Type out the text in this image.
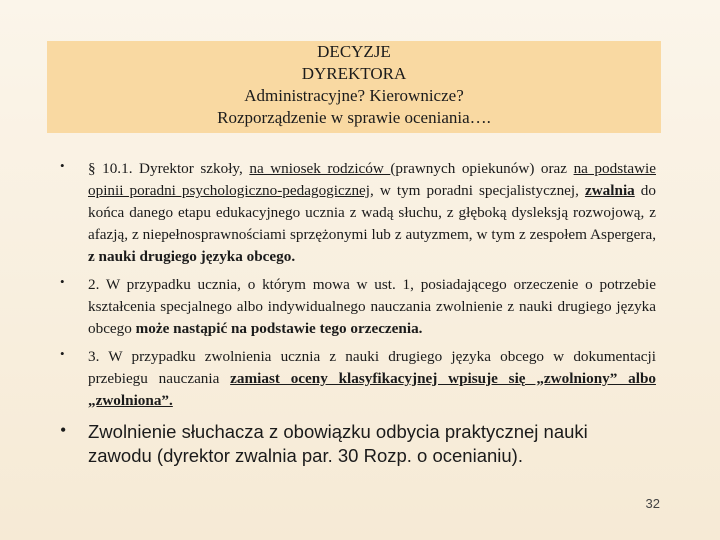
DECYZJE
DYREKTORA
Administracyjne? Kierownicze?
Rozporządzenie w sprawie oceniania….
• § 10.1. Dyrektor szkoły, na wniosek rodziców (prawnych opiekunów) oraz na podstawie opinii poradni psychologiczno-pedagogicznej, w tym poradni specjalistycznej, zwalnia do końca danego etapu edukacyjnego ucznia z wadą słuchu, z głęboką dysleksją rozwojową, z afazją, z niepełnosprawnościami sprzężonymi lub z autyzmem, w tym z zespołem Aspergera, z nauki drugiego języka obcego.
• 2. W przypadku ucznia, o którym mowa w ust. 1, posiadającego orzeczenie o potrzebie kształcenia specjalnego albo indywidualnego nauczania zwolnienie z nauki drugiego języka obcego może nastąpić na podstawie tego orzeczenia.
• 3. W przypadku zwolnienia ucznia z nauki drugiego języka obcego w dokumentacji przebiegu nauczania zamiast oceny klasyfikacyjnej wpisuje się „zwolniony” albo „zwolniona”.
• Zwolnienie słuchacza z obowiązku odbycia praktycznej nauki zawodu (dyrektor zwalnia par. 30 Rozp. o ocenianiu).
32
